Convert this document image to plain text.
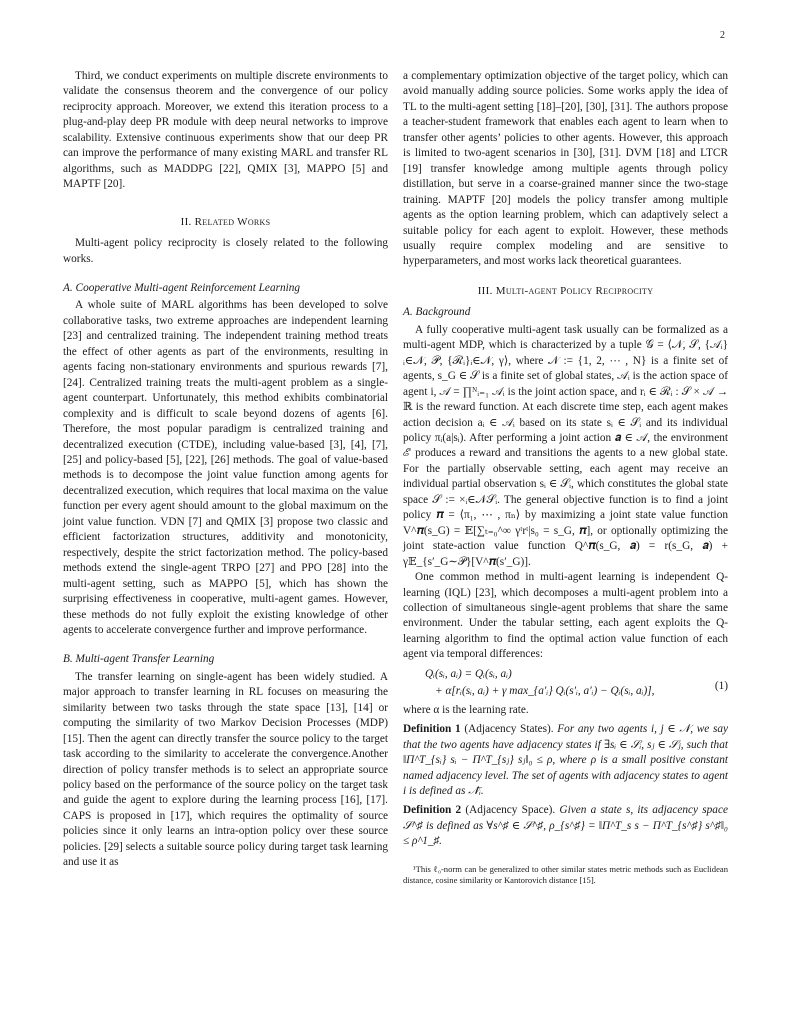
2

Third, we conduct experiments on multiple discrete environments to validate the consensus theorem and the convergence of our policy reciprocity approach. Moreover, we extend this iteration process to a plug-and-play deep PR module with deep neural networks to improve scalability. Extensive continuous experiments show that our deep PR can improve the performance of many existing MARL and transfer RL algorithms, such as MADDPG [22], QMIX [3], MAPPO [5] and MAPTF [20].

II. Related Works

Multi-agent policy reciprocity is closely related to the following works.

A. Cooperative Multi-agent Reinforcement Learning

A whole suite of MARL algorithms has been developed to solve collaborative tasks, two extreme approaches are independent learning [23] and centralized training. The independent training method treats the effect of other agents as part of the environments, resulting in agents facing non-stationary environments and spurious rewards [7], [24]. Centralized training treats the multi-agent problem as a single-agent counterpart. Unfortunately, this method exhibits combinatorial complexity and is difficult to scale beyond dozens of agents [6]. Therefore, the most popular paradigm is centralized training and decentralized execution (CTDE), including value-based [3], [4], [7], [25] and policy-based [5], [22], [26] methods. The goal of value-based methods is to decompose the joint value function among agents for decentralized execution, which requires that local maxima on the value function per every agent should amount to the global maximum on the joint value function. VDN [7] and QMIX [3] propose two classic and efficient factorization structures, additivity and monotonicity, respectively, despite the strict factorization method. The policy-based methods extend the single-agent TRPO [27] and PPO [28] into the multi-agent setting, such as MAPPO [5], which has shown the surprising effectiveness in cooperative, multi-agent games. However, these methods do not fully exploit the existing knowledge of other agents to accelerate convergence further and improve performance.

B. Multi-agent Transfer Learning

The transfer learning on single-agent has been widely studied. A major approach to transfer learning in RL focuses on measuring the similarity between two tasks through the state space [13], [14] or computing the similarity of two Markov Decision Processes (MDP) [15]. Then the agent can directly transfer the source policy to the target task according to the similarity to accelerate the convergence.Another direction of policy transfer methods is to select an appropriate source policy based on the performance of the source policy on the target task and guide the agent to explore during the learning process [16], [17]. CAPS is proposed in [17], which requires the optimality of source policies since it only learns an intra-option policy over these source policies. [29] selects a suitable source policy during target task learning and use it as

a complementary optimization objective of the target policy, which can avoid manually adding source policies. Some works apply the idea of TL to the multi-agent setting [18]–[20], [30], [31]. The authors propose a teacher-student framework that enables each agent to learn when to transfer other agents’ policies to other agents. However, this approach is limited to two-agent scenarios in [30], [31]. DVM [18] and LTCR [19] transfer knowledge among multiple agents through policy distillation, but serve in a coarse-grained manner since the two-stage training. MAPTF [20] models the policy transfer among multiple agents as the option learning problem, which can adaptively select a suitable policy for each agent to exploit. However, these methods usually require complex modeling and are sensitive to hyperparameters, and most works lack theoretical guarantees.

III. Multi-agent Policy Reciprocity
A. Background

A fully cooperative multi-agent task usually can be formalized as a multi-agent MDP, which is characterized by a tuple 𝒢 = ⟨𝒩, 𝒮, {𝒜ᵢ}ᵢ∈𝒩, 𝒫, {ℛᵢ}ᵢ∈𝒩, γ⟩, where 𝒩 := {1, 2, ⋯ , N} is a finite set of agents, s_G ∈ 𝒮 is a finite set of global states, 𝒜ᵢ is the action space of agent i, 𝒜 = ∏ᴺᵢ₌₁ 𝒜ᵢ is the joint action space, and rᵢ ∈ ℛᵢ : 𝒮 × 𝒜 → ℝ is the reward function. At each discrete time step, each agent makes action decision aᵢ ∈ 𝒜ᵢ based on its state sᵢ ∈ 𝒮ᵢ and its individual policy πᵢ(a|sᵢ). After performing a joint action 𝒂 ∈ 𝒜, the environment ℰ produces a reward and transitions the agents to a new global state. For the partially observable setting, each agent may receive an individual partial observation sᵢ ∈ 𝒮ᵢ, which constitutes the global state space 𝒮 := ×ᵢ∈𝒩𝒮ᵢ. The general objective function is to find a joint policy 𝝅 = ⟨π₁, ⋯ , πₙ⟩ by maximizing a joint state value function V^𝝅(s_G) = 𝔼[∑ₜ₌₀^∞ γᵗrᵗ|s₀ = s_G, 𝝅], or optionally optimizing the joint state-action value function Q^𝝅(s_G, 𝒂) = r(s_G, 𝒂) + γ𝔼_{s′_G∼𝒫}[V^𝝅(s′_G)].

One common method in multi-agent learning is independent Q-learning (IQL) [23], which decomposes a multi-agent problem into a collection of simultaneous single-agent problems that share the same environment. Under the tabular setting, each agent exploits the Q-learning algorithm to find the optimal action value function of each agent via temporal differences:

Qᵢ(sᵢ, aᵢ) = Qᵢ(sᵢ, aᵢ)
+ α[rᵢ(sᵢ, aᵢ) + γ max_{a′ᵢ} Qᵢ(s′ᵢ, a′ᵢ) − Qᵢ(sᵢ, aᵢ)],	(1)

where α is the learning rate.

Definition 1 (Adjacency States). For any two agents i, j ∈ 𝒩, we say that the two agents have adjacency states if ∃sᵢ ∈ 𝒮ᵢ, sⱼ ∈ 𝒮ⱼ, such that ‖Π^T_{sᵢ} sᵢ − Π^T_{sⱼ} sⱼ‖₀ ≤ ρ, where ρ is a small positive constant named adjacency level. The set of agents with adjacency states to agent i is defined as 𝒩̃ᵢ.

Definition 2 (Adjacency Space). Given a state s, its adjacency space 𝒮^♯ is defined as ∀s^♯ ∈ 𝒮^♯, ρ_{s^♯} = ‖Π^T_s s − Π^T_{s^♯} s^♯‖₀ ≤ ρ^1_♯.

¹This ℓ₀-norm can be generalized to other similar states metric methods such as Euclidean distance, cosine similarity or Kantorovich distance [15].
